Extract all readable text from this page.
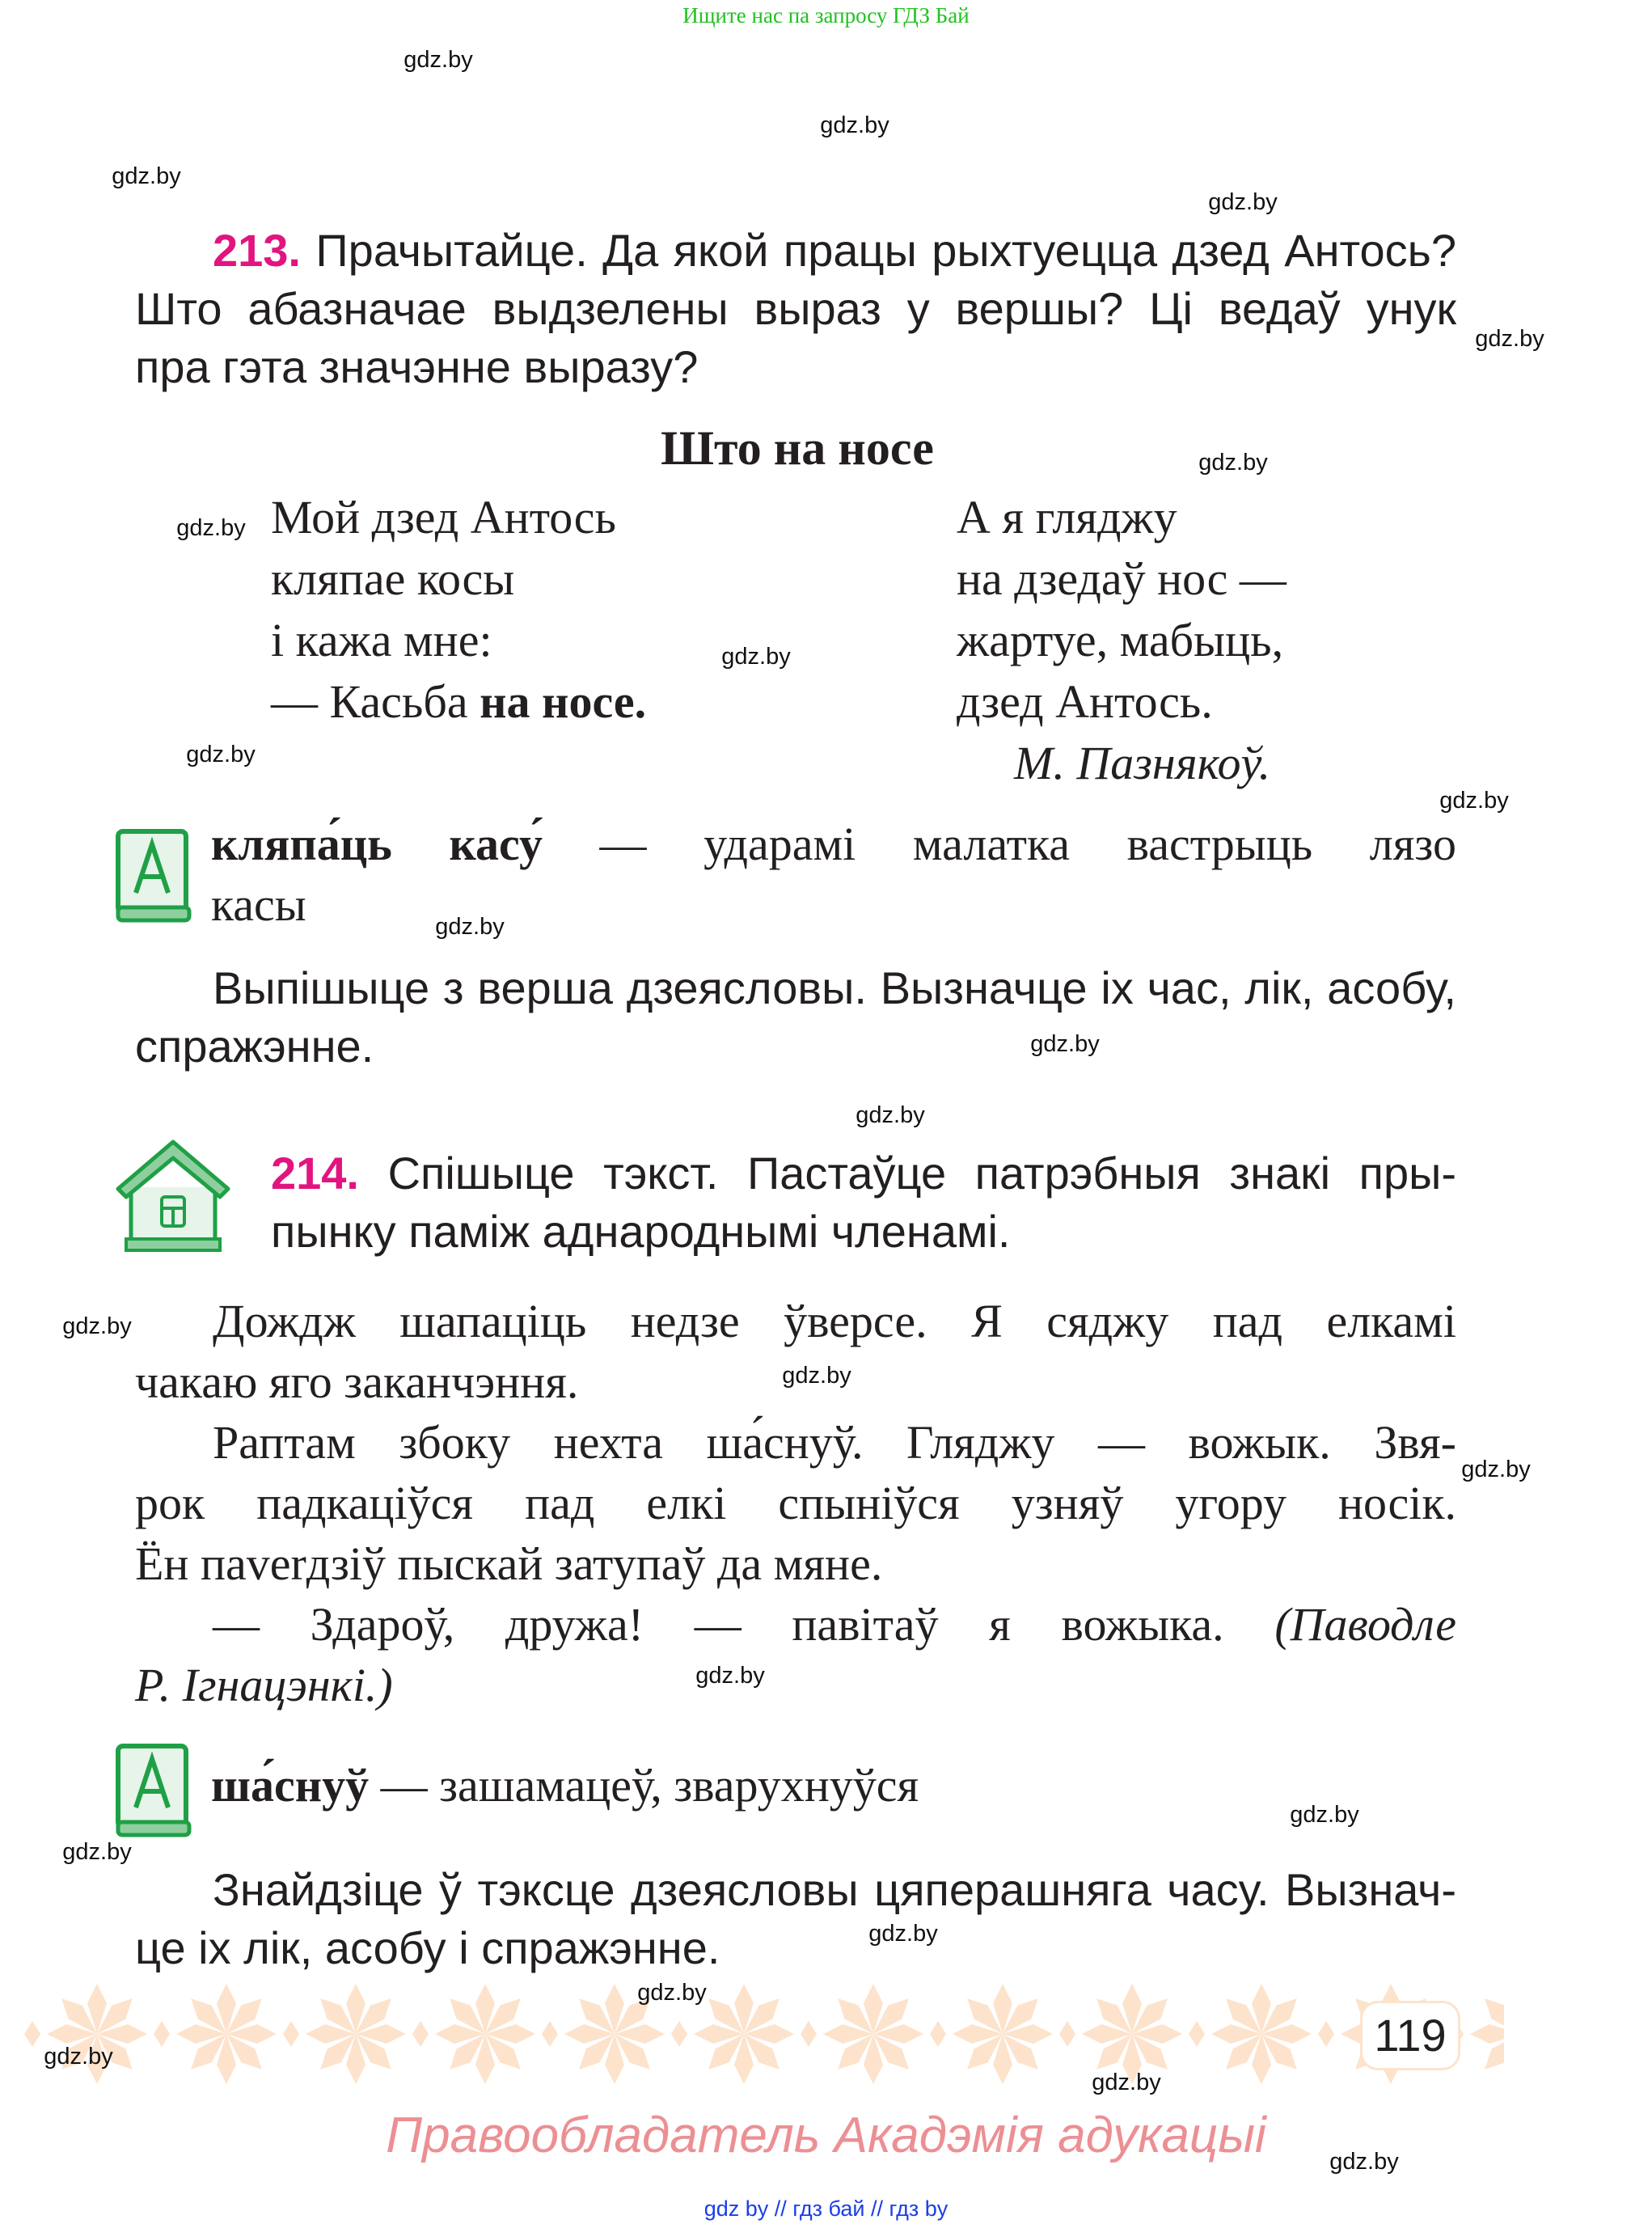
Ищите нас па запросу ГДЗ Бай
213. Прачытайце. Да якой працы рыхтуецца дзед Антось?
Што абазначае выдзелены выраз у вершы? Ці ведаў унук
пра гэта значэнне выразу?
Што на носе
Мой дзед Антось
кляпае косы
і кажа мне:
— Касьба на носе.
А я гляджу
на дзедаў нос —
жартуе, мабыць,
дзед Антось.
М. Пазнякоў.
кляпа́ць касу́ — ударамі малатка вастрыць лязо
касы
Выпішыце з верша дзеясловы. Вызначце іх час, лік, асобу,
спражэнне.
214. Спішыце тэкст. Пастаўце патрэбныя знакі пры-
пынку паміж аднароднымі членамі.
Дождж шапаціць недзе ўверсе. Я сяджу пад елкамі
чакаю яго заканчэння.
Раптам збоку нехта ша́снуў. Гляджу — вожык. Звя-
рок падкаціўся пад елкі спыніўся узняў угору носік.
Ён пaverдзіў пыскай затупаў да мяне.
— Здароў, дружа! — павітаў я вожыка. (Паводле
Р. Ігнацэнкі.)
ша́снуў — зашамацеў, зварухнуўся
Знайдзіце ў тэксце дзеясловы цяперашняга часу. Вызнач-
це іх лік, асобу і спражэнне.
119
Правообладатель Акадэмія адукацыі
gdz by // гдз бай // гдз by
gdz.by
gdz.by
gdz.by
gdz.by
gdz.by
gdz.by
gdz.by
gdz.by
gdz.by
gdz.by
gdz.by
gdz.by
gdz.by
gdz.by
gdz.by
gdz.by
gdz.by
gdz.by
gdz.by
gdz.by
gdz.by
gdz.by
gdz.by
gdz.by
